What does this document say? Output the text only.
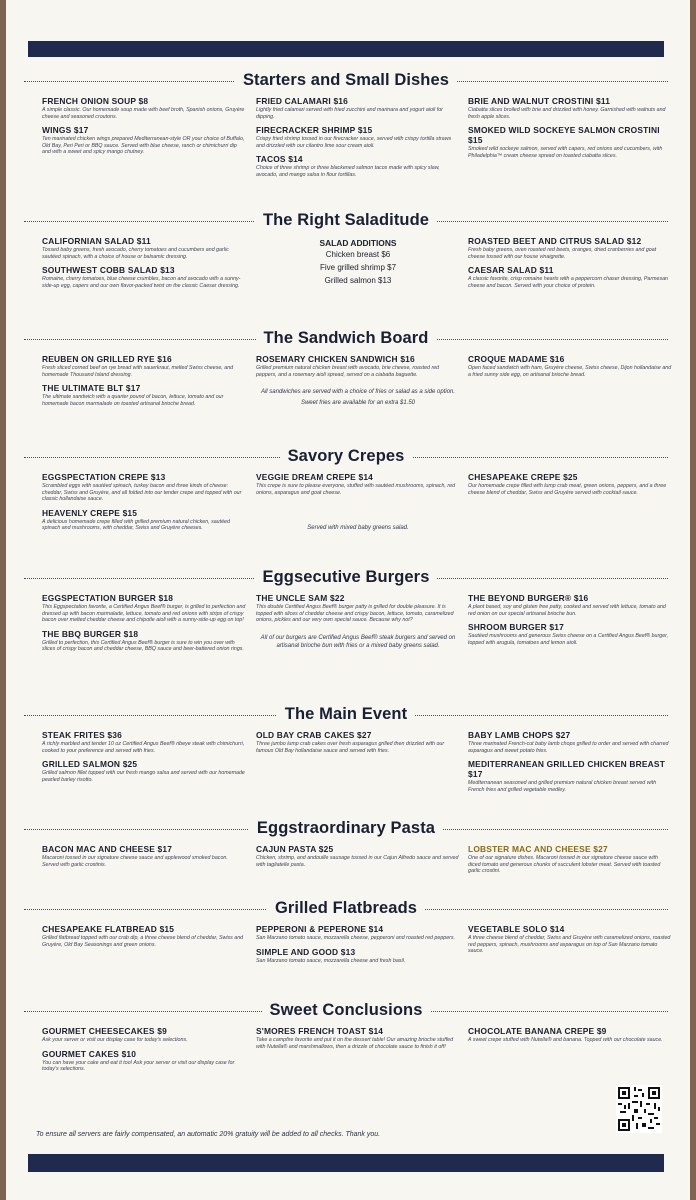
Starters and Small Dishes
FRENCH ONION SOUP $8
A simple classic. Our homemade soup made with beef broth, Spanish onions, Gruyère cheese and seasoned croutons.
WINGS $17
Ten marinated chicken wings prepared Mediterranean-style OR your choice of Buffalo, Old Bay, Peri Peri or BBQ sauce. Served with blue cheese, ranch or chimichurri dip and with a sweet and spicy mango chutney.
FRIED CALAMARI $16
Lightly fried calamari served with fried zucchini and marinara and yogurt aioli for dipping.
FIRECRACKER SHRIMP $15
Crispy fried shrimp tossed in our firecracker sauce, served with crispy tortilla straws and drizzled with our cilantro lime sour cream aioli.
TACOS $14
Choice of three shrimp or three blackened salmon tacos made with spicy slaw, avocado, and mango salsa in flour tortillas.
BRIE AND WALNUT CROSTINI $11
Ciabatta slices broiled with brie and drizzled with honey. Garnished with walnuts and fresh apple slices.
SMOKED WILD SOCKEYE SALMON CROSTINI $15
Smoked wild sockeye salmon, served with capers, red onions and cucumbers, with Philadelphia™ cream cheese spread on toasted ciabatta slices.
The Right Saladitude
CALIFORNIAN SALAD $11
Tossed baby greens, fresh avocado, cherry tomatoes and cucumbers and garlic sautéed spinach, with a choice of house or balsamic dressing.
SOUTHWEST COBB SALAD $13
Romaine, cherry tomatoes, blue cheese crumbles, bacon and avocado with a sunny-side-up egg, capers and our own flavor-packed twist on the classic Caesar dressing.
SALAD ADDITIONS
Chicken breast $6
Five grilled shrimp $7
Grilled salmon $13
ROASTED BEET AND CITRUS SALAD $12
Fresh baby greens, oven roasted red beets, oranges, dried cranberries and goat cheese tossed with our house vinaigrette.
CAESAR SALAD $11
A classic favorite, crisp romaine hearts with a peppercorn chaser dressing, Parmesan cheese and bacon. Served with your choice of protein.
The Sandwich Board
REUBEN ON GRILLED RYE $16
Fresh sliced corned beef on rye bread with sauerkraut, melted Swiss cheese, and homemade Thousand Island dressing.
THE ULTIMATE BLT $17
The ultimate sandwich with a quarter pound of bacon, lettuce, tomato and our homemade bacon marmalade on toasted artisanal brioche bread.
ROSEMARY CHICKEN SANDWICH $16
Grilled premium natural chicken breast with avocado, brie cheese, roasted red peppers, and a rosemary aioli spread, served on a ciabatta baguette.
All sandwiches are served with a choice of fries or salad as a side option.
Sweet fries are available for an extra $1.50
CROQUE MADAME $16
Open faced sandwich with ham, Gruyère cheese, Swiss cheese, Dijon hollandaise and a fried sunny side egg, on artisanal brioche bread.
Savory Crepes
EGGSPECTATION CREPE $13
Scrambled eggs with sautéed spinach, turkey bacon and three kinds of cheese: cheddar, Swiss and Gruyère, and all folded into our tender crepe and topped with our classic hollandaise sauce.
HEAVENLY CREPE $15
A delicious homemade crepe filled with grilled premium natural chicken, sautéed spinach and mushrooms, with cheddar, Swiss and Gruyère cheeses.
VEGGIE DREAM CREPE $14
This crepe is sure to please everyone, stuffed with sautéed mushrooms, spinach, red onions, asparagus and goat cheese.
Served with mixed baby greens salad.
CHESAPEAKE CREPE $25
Our homemade crepe filled with lump crab meat, green onions, peppers, and a three cheese blend of cheddar, Swiss and Gruyère served with cocktail sauce.
Eggsecutive Burgers
EGGSPECTATION BURGER $18
This Eggspectation favorite, a Certified Angus Beef® burger, is grilled to perfection and dressed up with bacon marmalade, lettuce, tomato and red onions with strips of crispy bacon over melted cheddar cheese and chipotle aioli with a sunny-side-up egg on top!
THE BBQ BURGER $18
Grilled to perfection, this Certified Angus Beef® burger is sure to win you over with slices of crispy bacon and cheddar cheese, BBQ sauce and beer-battered onion rings.
THE UNCLE SAM $22
This double Certified Angus Beef® burger patty is grilled for double pleasure. It is topped with slices of cheddar cheese and crispy bacon, lettuce, tomato, caramelized onions, pickles and our very own special sauce. Because why not?
All of our burgers are Certified Angus Beef® steak burgers and served on artisanal brioche bun with fries or a mixed baby greens salad.
THE BEYOND BURGER® $16
A plant based, soy and gluten free patty, cooked and served with lettuce, tomato and red onion on our special artisanal brioche bun.
SHROOM BURGER $17
Sautéed mushrooms and generous Swiss cheese on a Certified Angus Beef® burger, topped with arugula, tomatoes and lemon aioli.
The Main Event
STEAK FRITES $36
A richly marbled and tender 10 oz Certified Angus Beef® ribeye steak with chimichurri, cooked to your preference and served with fries.
GRILLED SALMON $25
Grilled salmon fillet topped with our fresh mango salsa and served with our homemade pearled barley risotto.
OLD BAY CRAB CAKES $27
Three jumbo lump crab cakes over fresh asparagus grilled then drizzled with our famous Old Bay hollandaise sauce and served with fries.
BABY LAMB CHOPS $27
Three marinated French-cut baby lamb chops grilled to order and served with charred asparagus and sweet potato fries.
MEDITERRANEAN GRILLED CHICKEN BREAST $17
Mediterranean seasoned and grilled premium natural chicken breast served with French fries and grilled vegetable medley.
Eggstraordinary Pasta
BACON MAC AND CHEESE $17
Macaroni tossed in our signature cheese sauce and applewood smoked bacon. Served with garlic crostinis.
CAJUN PASTA $25
Chicken, shrimp, and andouille sausage tossed in our Cajun Alfredo sauce and served with tagliatelle pasta.
LOBSTER MAC AND CHEESE $27
One of our signature dishes. Macaroni tossed in our signature cheese sauce with diced tomato and generous chunks of succulent lobster meat. Served with toasted garlic crostini.
Grilled Flatbreads
CHESAPEAKE FLATBREAD $15
Grilled flatbread topped with our crab dip, a three cheese blend of cheddar, Swiss and Gruyère, Old Bay Seasonings and green onions.
PEPPERONI & PEPERONE $14
San Marzano tomato sauce, mozzarella cheese, pepperoni and roasted red peppers.
SIMPLE AND GOOD $13
San Marzano tomato sauce, mozzarella cheese and fresh basil.
VEGETABLE SOLO $14
A three cheese blend of cheddar, Swiss and Gruyère with caramelized onions, roasted red peppers, spinach, mushrooms and asparagus on top of San Marzano tomato sauce.
Sweet Conclusions
GOURMET CHEESECAKES $9
Ask your server or visit our display case for today's selections.
GOURMET CAKES $10
You can have your cake and eat it too! Ask your server or visit our display case for today's selections.
S'MORES FRENCH TOAST $14
Take a campfire favorite and put it on the dessert table! Our amazing brioche stuffed with Nutella® and marshmallows, then a drizzle of chocolate sauce to finish it off!
CHOCOLATE BANANA CREPE $9
A sweet crepe stuffed with Nutella® and banana. Topped with our chocolate sauce.
To ensure all servers are fairly compensated, an automatic 20% gratuity will be added to all checks. Thank you.
